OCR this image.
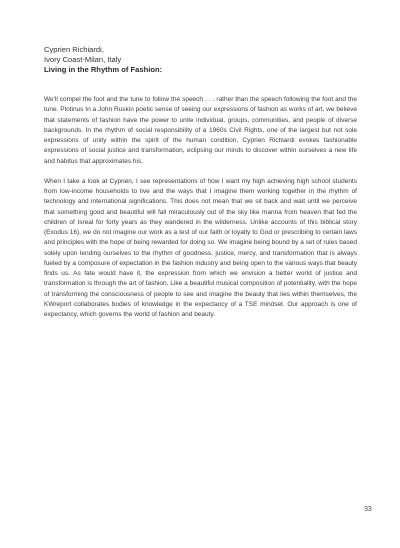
Cyprien Richiardi,
Ivory Coast-Milan, Italy
Living in the Rhythm of Fashion:

We'll compel the foot and the tune to follow the speech . . . rather than the speech following the foot and the tune. Plotinus In a John Ruskin poetic sense of seeing our expressions of fashion as works of art, we believe that statements of fashion have the power to unite individual, groups, communities, and people of diverse backgrounds. In the rhythm of social responsibility of a 1960s Civil Rights, one of the largest but not sole expressions of unity within the spirit of the human condition, Cyprien Richiardi evokes fashionable expressions of social justice and transformation, eclipsing our minds to discover within ourselves a new life and habitus that approximates his.

When I take a look at Cyprien, I see representations of how I want my high achieving high school students from low-income households to live and the ways that I imagine them working together in the rhythm of technology and international significations. This does not mean that we sit back and wait until we perceive that something good and beautiful will fall miraculously out of the sky like manna from heaven that fed the children of Isreal for forty years as they wandered in the wilderness. Unlike accounts of this biblical story (Exodus 16), we do not imagine our work as a test of our faith or loyalty to God or prescribing to certain laws and principles with the hope of being rewarded for doing so. We imagine being bound by a set of rules based solely upon lending ourselves to the rhythm of goodness, justice, mercy, and transformation that is always fueled by a composure of expectation in the fashion industry and being open to the various ways that beauty finds us. As fate would have it, the expression from which we envision a better world of justice and transformation is through the art of fashion. Like a beautiful musical composition of potentiality, with the hope of transforming the consciousness of people to see and imagine the beauty that lies within themselves, the KWreport collaborates bodies of knowledge in the expectancy of a TSE mindset. Our approach is one of expectancy, which governs the world of fashion and beauty.

33
